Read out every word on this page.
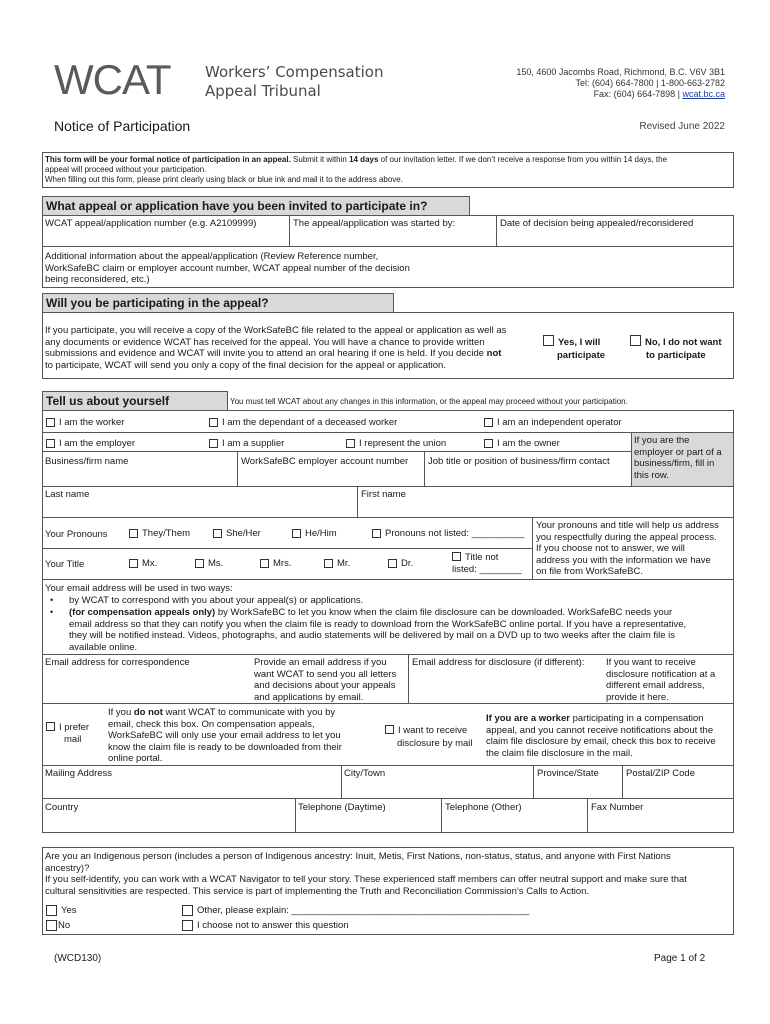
WCAT Workers’ Compensation
Appeal Tribunal
150, 4600 Jacombs Road, Richmond, B.C. V6V 3B1
Tel: (604) 664-7800 | 1-800-663-2782
Fax: (604) 664-7898 | wcat.bc.ca
Notice of Participation	Revised June 2022
This form will be your formal notice of participation in an appeal. Submit it within 14 days of our invitation letter. If we don’t receive a response from you within 14 days, the
appeal will proceed without your participation.
When filling out this form, please print clearly using black or blue ink and mail it to the address above.
What appeal or application have you been invited to participate in?
WCAT appeal/application number (e.g. A2109999)	The appeal/application was started by:	Date of decision being appealed/reconsidered
Additional information about the appeal/application (Review Reference number,
WorkSafeBC claim or employer account number, WCAT appeal number of the decision
being reconsidered, etc.)
Will you be participating in the appeal?
If you participate, you will receive a copy of the WorkSafeBC file related to the appeal or application as well as
any documents or evidence WCAT has received for the appeal. You will have a chance to provide written
submissions and evidence and WCAT will invite you to attend an oral hearing if one is held. If you decide not
to participate, WCAT will send you only a copy of the final decision for the appeal or application.
Yes, I will
participate
No, I do not want
to participate
Tell us about yourself	You must tell WCAT about any changes in this information, or the appeal may proceed without your participation.
I am the worker	I am the dependant of a deceased worker	I am an independent operator
I am the employer	I am a supplier	I represent the union	I am the owner	If you are the
employer or part of a
business/firm, fill in
this row.
Business/firm name	WorkSafeBC employer account number Job title or position of business/firm contact
Last name	First name
Your Pronouns	They/Them	She/Her	He/Him	Pronouns not listed: __________
Your Title	Mx.	Ms.	Mrs.	Mr.	Dr.
Title not
listed: ________
Your pronouns and title will help us address
you respectfully during the appeal process.
If you choose not to answer, we will
address you with the information we have
on file from WorkSafeBC.
Your email address will be used in two ways:
• by WCAT to correspond with you about your appeal(s) or applications.
• (for compensation appeals only) by WorkSafeBC to let you know when the claim file disclosure can be downloaded. WorkSafeBC needs your
email address so that they can notify you when the claim file is ready to download from the WorkSafeBC online portal. If you have a representative,
they will be notified instead. Videos, photographs, and audio statements will be delivered by mail on a DVD up to two weeks after the claim file is
available online.
Email address for correspondence	Provide an email address if you
want WCAT to send you all letters
and decisions about your appeals
and applications by email.
Email address for disclosure (if different): If you want to receive
disclosure notification at a
different email address,
provide it here.
I prefer
mail
If you do not want WCAT to communicate with you by
email, check this box. On compensation appeals,
WorkSafeBC will only use your email address to let you
know the claim file is ready to be downloaded from their
online portal.
I want to receive
disclosure by mail
If you are a worker participating in a compensation
appeal, and you cannot receive notifications about the
claim file disclosure by email, check this box to receive
the claim file disclosure in the mail.
Mailing Address	City/Town	Province/State	Postal/ZIP Code
Country	Telephone (Daytime)	Telephone (Other)	Fax Number
Are you an Indigenous person (includes a person of Indigenous ancestry: Inuit, Metis, First Nations, non-status, status, and anyone with First Nations
ancestry)?
If you self-identify, you can work with a WCAT Navigator to tell your story. These experienced staff members can offer neutral support and make sure that
cultural sensitivities are respected. This service is part of implementing the Truth and Reconciliation Commission’s Calls to Action.
Yes
No
Other, please explain: _____________________________________________
I choose not to answer this question
(WCD130)	Page 1 of 2
